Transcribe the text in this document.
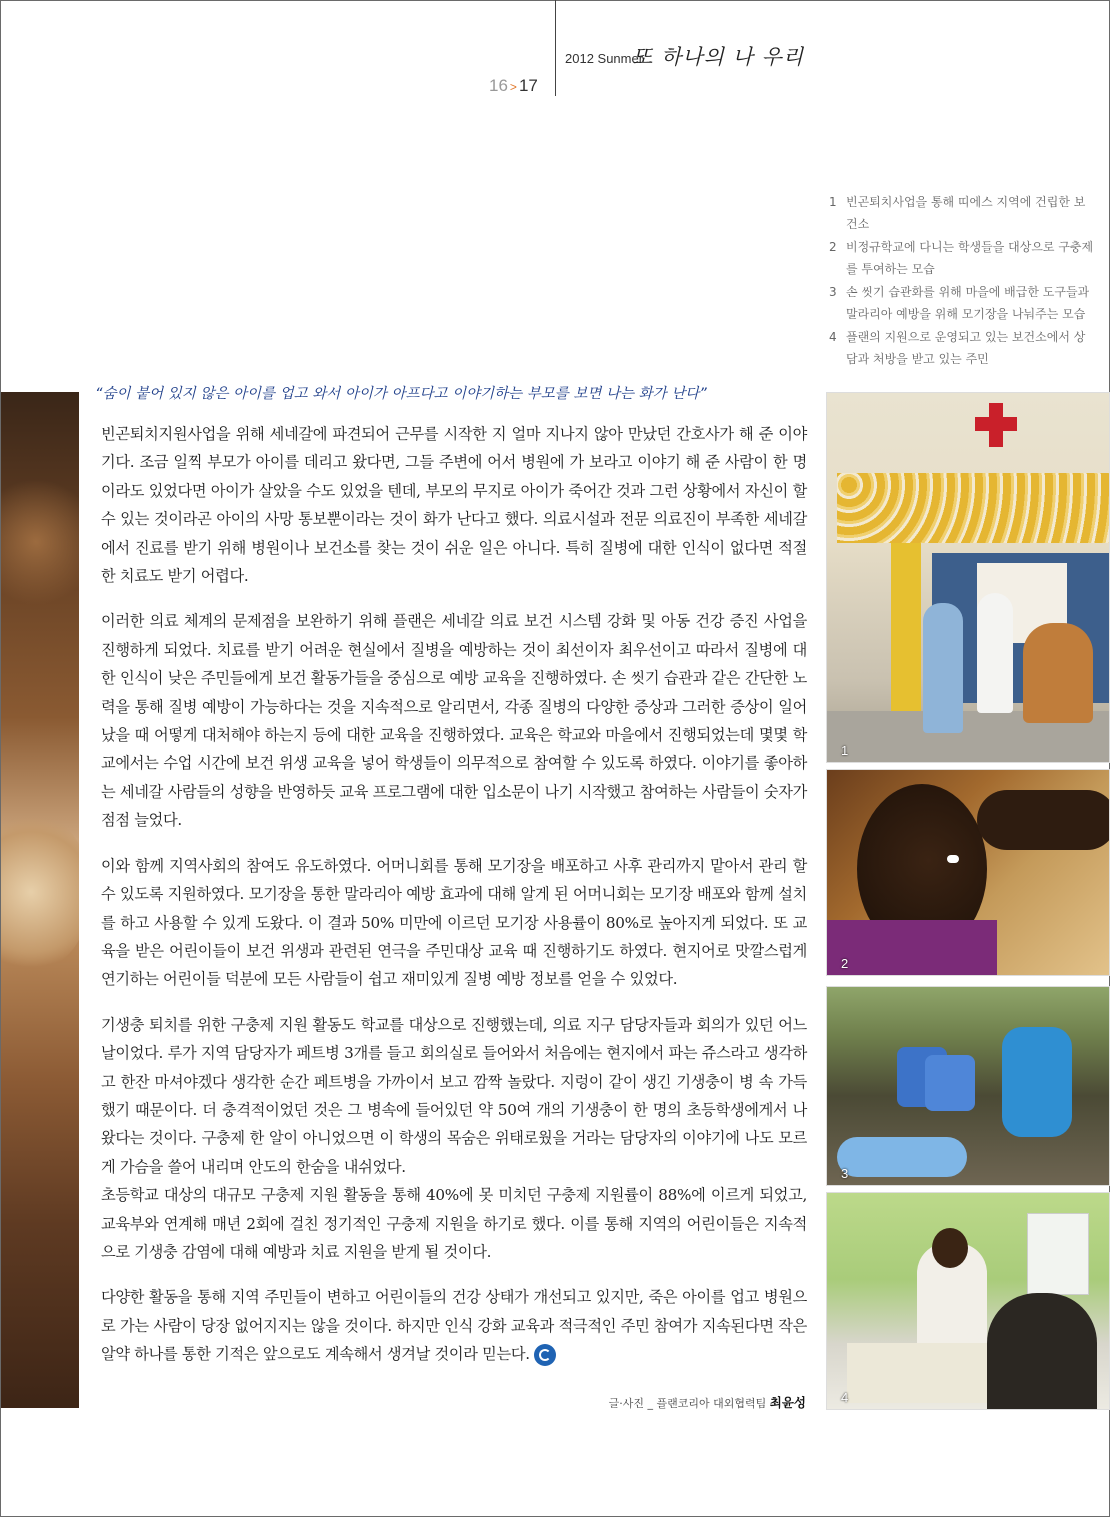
2012 Sunmer
또 하나의 나 우리
16 > 17
1 빈곤퇴치사업을 통해 띠에스 지역에 건립한 보건소
2 비정규학교에 다니는 학생들을 대상으로 구충제를 투여하는 모습
3 손 씻기 습관화를 위해 마을에 배급한 도구들과 말라리아 예방을 위해 모기장을 나눠주는 모습
4 플랜의 지원으로 운영되고 있는 보건소에서 상담과 처방을 받고 있는 주민
“숨이 붙어 있지 않은 아이를 업고 와서 아이가 아프다고 이야기하는 부모를 보면 나는 화가 난다”

빈곤퇴치지원사업을 위해 세네갈에 파견되어 근무를 시작한 지 얼마 지나지 않아 만났던 간호사가 해 준 이야기다. 조금 일찍 부모가 아이를 데리고 왔다면, 그들 주변에 어서 병원에 가 보라고 이야기 해 준 사람이 한 명이라도 있었다면 아이가 살았을 수도 있었을 텐데, 부모의 무지로 아이가 죽어간 것과 그런 상황에서 자신이 할 수 있는 것이라곤 아이의 사망 통보뿐이라는 것이 화가 난다고 했다. 의료시설과 전문 의료진이 부족한 세네갈에서 진료를 받기 위해 병원이나 보건소를 찾는 것이 쉬운 일은 아니다. 특히 질병에 대한 인식이 없다면 적절한 치료도 받기 어렵다.

이러한 의료 체계의 문제점을 보완하기 위해 플랜은 세네갈 의료 보건 시스템 강화 및 아동 건강 증진 사업을 진행하게 되었다. 치료를 받기 어려운 현실에서 질병을 예방하는 것이 최선이자 최우선이고 따라서 질병에 대한 인식이 낮은 주민들에게 보건 활동가들을 중심으로 예방 교육을 진행하였다. 손 씻기 습관과 같은 간단한 노력을 통해 질병 예방이 가능하다는 것을 지속적으로 알리면서, 각종 질병의 다양한 증상과 그러한 증상이 일어났을 때 어떻게 대처해야 하는지 등에 대한 교육을 진행하였다. 교육은 학교와 마을에서 진행되었는데 몇몇 학교에서는 수업 시간에 보건 위생 교육을 넣어 학생들이 의무적으로 참여할 수 있도록 하였다. 이야기를 좋아하는 세네갈 사람들의 성향을 반영하듯 교육 프로그램에 대한 입소문이 나기 시작했고 참여하는 사람들이 숫자가 점점 늘었다.

이와 함께 지역사회의 참여도 유도하였다. 어머니회를 통해 모기장을 배포하고 사후 관리까지 맡아서 관리 할 수 있도록 지원하였다. 모기장을 통한 말라리아 예방 효과에 대해 알게 된 어머니회는 모기장 배포와 함께 설치를 하고 사용할 수 있게 도왔다. 이 결과 50% 미만에 이르던 모기장 사용률이 80%로 높아지게 되었다. 또 교육을 받은 어린이들이 보건 위생과 관련된 연극을 주민대상 교육 때 진행하기도 하였다. 현지어로 맛깔스럽게 연기하는 어린이들 덕분에 모든 사람들이 쉽고 재미있게 질병 예방 정보를 얻을 수 있었다.

기생충 퇴치를 위한 구충제 지원 활동도 학교를 대상으로 진행했는데, 의료 지구 담당자들과 회의가 있던 어느 날이었다. 루가 지역 담당자가 페트병 3개를 들고 회의실로 들어와서 처음에는 현지에서 파는 쥬스라고 생각하고 한잔 마셔야겠다 생각한 순간 페트병을 가까이서 보고 깜짝 놀랐다. 지렁이 같이 생긴 기생충이 병 속 가득했기 때문이다. 더 충격적이었던 것은 그 병속에 들어있던 약 50여 개의 기생충이 한 명의 초등학생에게서 나왔다는 것이다. 구충제 한 알이 아니었으면 이 학생의 목숨은 위태로웠을 거라는 담당자의 이야기에 나도 모르게 가슴을 쓸어 내리며 안도의 한숨을 내쉬었다.

초등학교 대상의 대규모 구충제 지원 활동을 통해 40%에 못 미치던 구충제 지원률이 88%에 이르게 되었고, 교육부와 연계해 매년 2회에 걸친 정기적인 구충제 지원을 하기로 했다. 이를 통해 지역의 어린이들은 지속적으로 기생충 감염에 대해 예방과 치료 지원을 받게 될 것이다.

다양한 활동을 통해 지역 주민들이 변하고 어린이들의 건강 상태가 개선되고 있지만, 죽은 아이를 업고 병원으로 가는 사람이 당장 없어지지는 않을 것이다. 하지만 인식 강화 교육과 적극적인 주민 참여가 지속된다면 작은 알약 하나를 통한 기적은 앞으로도 계속해서 생겨날 것이라 믿는다.

글·사진 _ 플랜코리아 대외협력팀 최윤성
1
2
3
4
